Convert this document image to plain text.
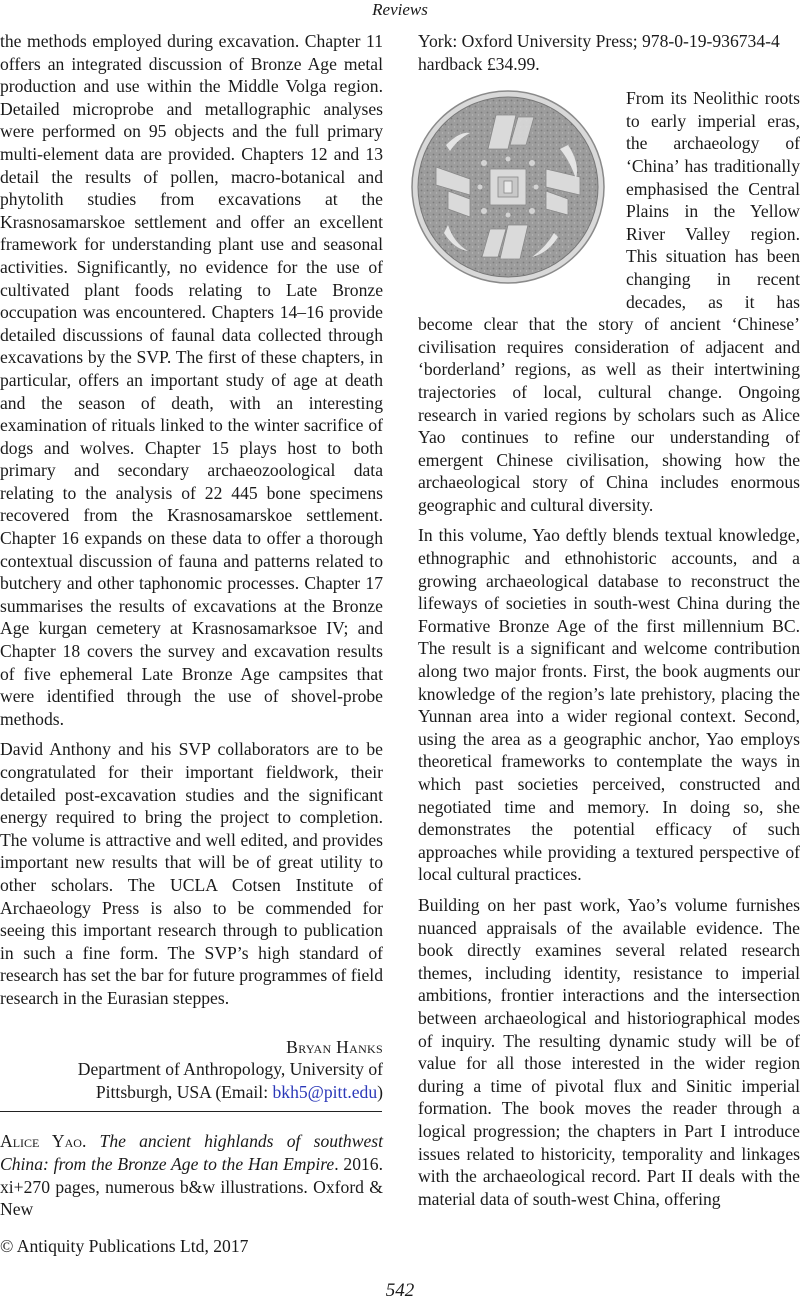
Reviews

the methods employed during excavation. Chapter 11 offers an integrated discussion of Bronze Age metal production and use within the Middle Volga region. Detailed microprobe and metallographic analyses were performed on 95 objects and the full primary multi-element data are provided. Chapters 12 and 13 detail the results of pollen, macro-botanical and phytolith studies from excavations at the Krasnosamarskoe settlement and offer an excellent framework for understanding plant use and seasonal activities. Significantly, no evidence for the use of cultivated plant foods relating to Late Bronze occupation was encountered. Chapters 14–16 provide detailed discussions of faunal data collected through excavations by the SVP. The first of these chapters, in particular, offers an important study of age at death and the season of death, with an interesting examination of rituals linked to the winter sacrifice of dogs and wolves. Chapter 15 plays host to both primary and secondary archaeozoological data relating to the analysis of 22 445 bone specimens recovered from the Krasnosamarskoe settlement. Chapter 16 expands on these data to offer a thorough contextual discussion of fauna and patterns related to butchery and other taphonomic processes. Chapter 17 summarises the results of excavations at the Bronze Age kurgan cemetery at Krasnosamarksoe IV; and Chapter 18 covers the survey and excavation results of five ephemeral Late Bronze Age campsites that were identified through the use of shovel-probe methods.

David Anthony and his SVP collaborators are to be congratulated for their important fieldwork, their detailed post-excavation studies and the significant energy required to bring the project to completion. The volume is attractive and well edited, and provides important new results that will be of great utility to other scholars. The UCLA Cotsen Institute of Archaeology Press is also to be commended for seeing this important research through to publication in such a fine form. The SVP’s high standard of research has set the bar for future programmes of field research in the Eurasian steppes.

Bryan Hanks
Department of Anthropology, University of
Pittsburgh, USA (Email: bkh5@pitt.edu)

Alice Yao. The ancient highlands of southwest China: from the Bronze Age to the Han Empire. 2016. xi+270 pages, numerous b&w illustrations. Oxford & New

© Antiquity Publications Ltd, 2017

York: Oxford University Press; 978-0-19-936734-4 hardback £34.99.

From its Neolithic roots to early imperial eras, the archaeology of ‘China’ has traditionally emphasised the Central Plains in the Yellow River Valley region. This situation has been changing in recent decades, as it has become clear that the story of ancient ‘Chinese’ civilisation requires consideration of adjacent and ‘borderland’ regions, as well as their intertwining trajectories of local, cultural change. Ongoing research in varied regions by scholars such as Alice Yao continues to refine our understanding of emergent Chinese civilisation, showing how the archaeological story of China includes enormous geographic and cultural diversity.

In this volume, Yao deftly blends textual knowledge, ethnographic and ethnohistoric accounts, and a growing archaeological database to reconstruct the lifeways of societies in south-west China during the Formative Bronze Age of the first millennium BC. The result is a significant and welcome contribution along two major fronts. First, the book augments our knowledge of the region’s late prehistory, placing the Yunnan area into a wider regional context. Second, using the area as a geographic anchor, Yao employs theoretical frameworks to contemplate the ways in which past societies perceived, constructed and negotiated time and memory. In doing so, she demonstrates the potential efficacy of such approaches while providing a textured perspective of local cultural practices.

Building on her past work, Yao’s volume furnishes nuanced appraisals of the available evidence. The book directly examines several related research themes, including identity, resistance to imperial ambitions, frontier interactions and the intersection between archaeological and historiographical modes of inquiry. The resulting dynamic study will be of value for all those interested in the wider region during a time of pivotal flux and Sinitic imperial formation. The book moves the reader through a logical progression; the chapters in Part I introduce issues related to historicity, temporality and linkages with the archaeological record. Part II deals with the material data of south-west China, offering

542
